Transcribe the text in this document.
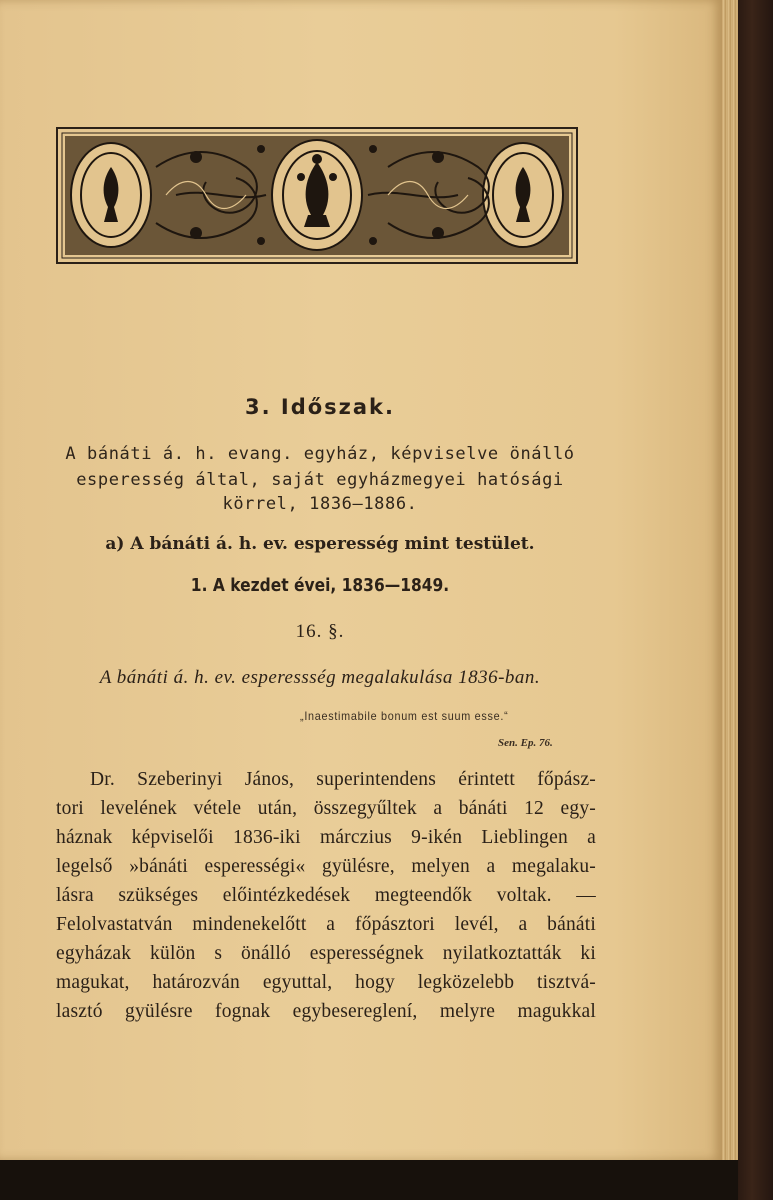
3. Időszak.

A bánáti á. h. evang. egyház, képviselve önálló

esperesség által, saját egyházmegyei hatósági

körrel, 1836—1886.

a) A bánáti á. h. ev. esperesség mint testület.
1. A kezdet évei, 1836—1849.

16. §.

A bánáti á. h. ev. esperessség megalakulása 1836-ban.

„Inaestimabile bonum est suum esse.“
Sen. Ep. 76.
Dr. Szeberinyi János, superintendens érintett főpász-
tori levelének vétele után, összegyűltek a bánáti 12 egy-
háznak képviselői 1836-iki márczius 9-ikén Lieblingen a
legelső »bánáti esperességi« gyülésre, melyen a megalaku-
lásra szükséges előintézkedések megteendők voltak. —
Felolvastatván mindenekelőtt a főpásztori levél, a bánáti
egyházak külön s önálló esperességnek nyilatkoztatták ki
magukat, határozván egyuttal, hogy legközelebb tisztvá-
lasztó gyülésre fognak egybesereglení, melyre magukkal
